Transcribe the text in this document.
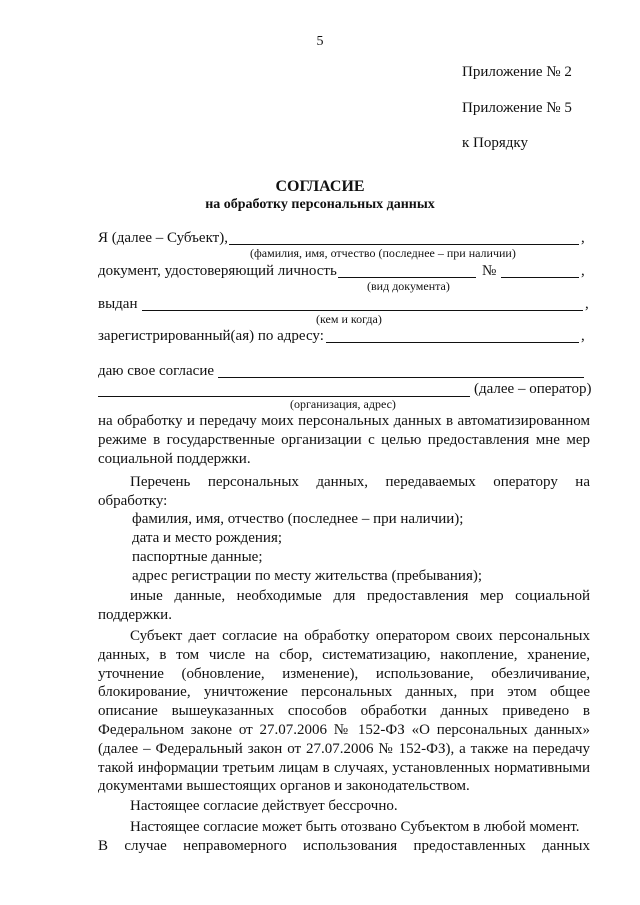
5
Приложение № 2
Приложение № 5
к Порядку
СОГЛАСИЕ
на обработку персональных данных
Я (далее – Субъект),	,
(фамилия, имя, отчество (последнее – при наличии)
документ, удостоверяющий личность	№	,
(вид документа)
выдан	,
(кем и когда)
зарегистрированный(ая) по адресу:	,
даю свое согласие
(далее – оператор)
(организация, адрес)
на обработку и передачу моих персональных данных в автоматизированном режиме в государственные организации с целью предоставления мне мер социальной поддержки.
Перечень персональных данных, передаваемых оператору на обработку:
фамилия, имя, отчество (последнее – при наличии);
дата и место рождения;
паспортные данные;
адрес регистрации по месту жительства (пребывания);
иные данные, необходимые для предоставления мер социальной поддержки.
Субъект дает согласие на обработку оператором своих персональных данных, в том числе на сбор, систематизацию, накопление, хранение, уточнение (обновление, изменение), использование, обезличивание, блокирование, уничтожение персональных данных, при этом общее описание вышеуказанных способов обработки данных приведено в Федеральном законе от 27.07.2006 № 152-ФЗ «О персональных данных» (далее – Федеральный закон от 27.07.2006 № 152-ФЗ), а также на передачу такой информации третьим лицам в случаях, установленных нормативными документами вышестоящих органов и законодательством.
Настоящее согласие действует бессрочно.
Настоящее согласие может быть отозвано Субъектом в любой момент.
В случае неправомерного использования предоставленных данных
